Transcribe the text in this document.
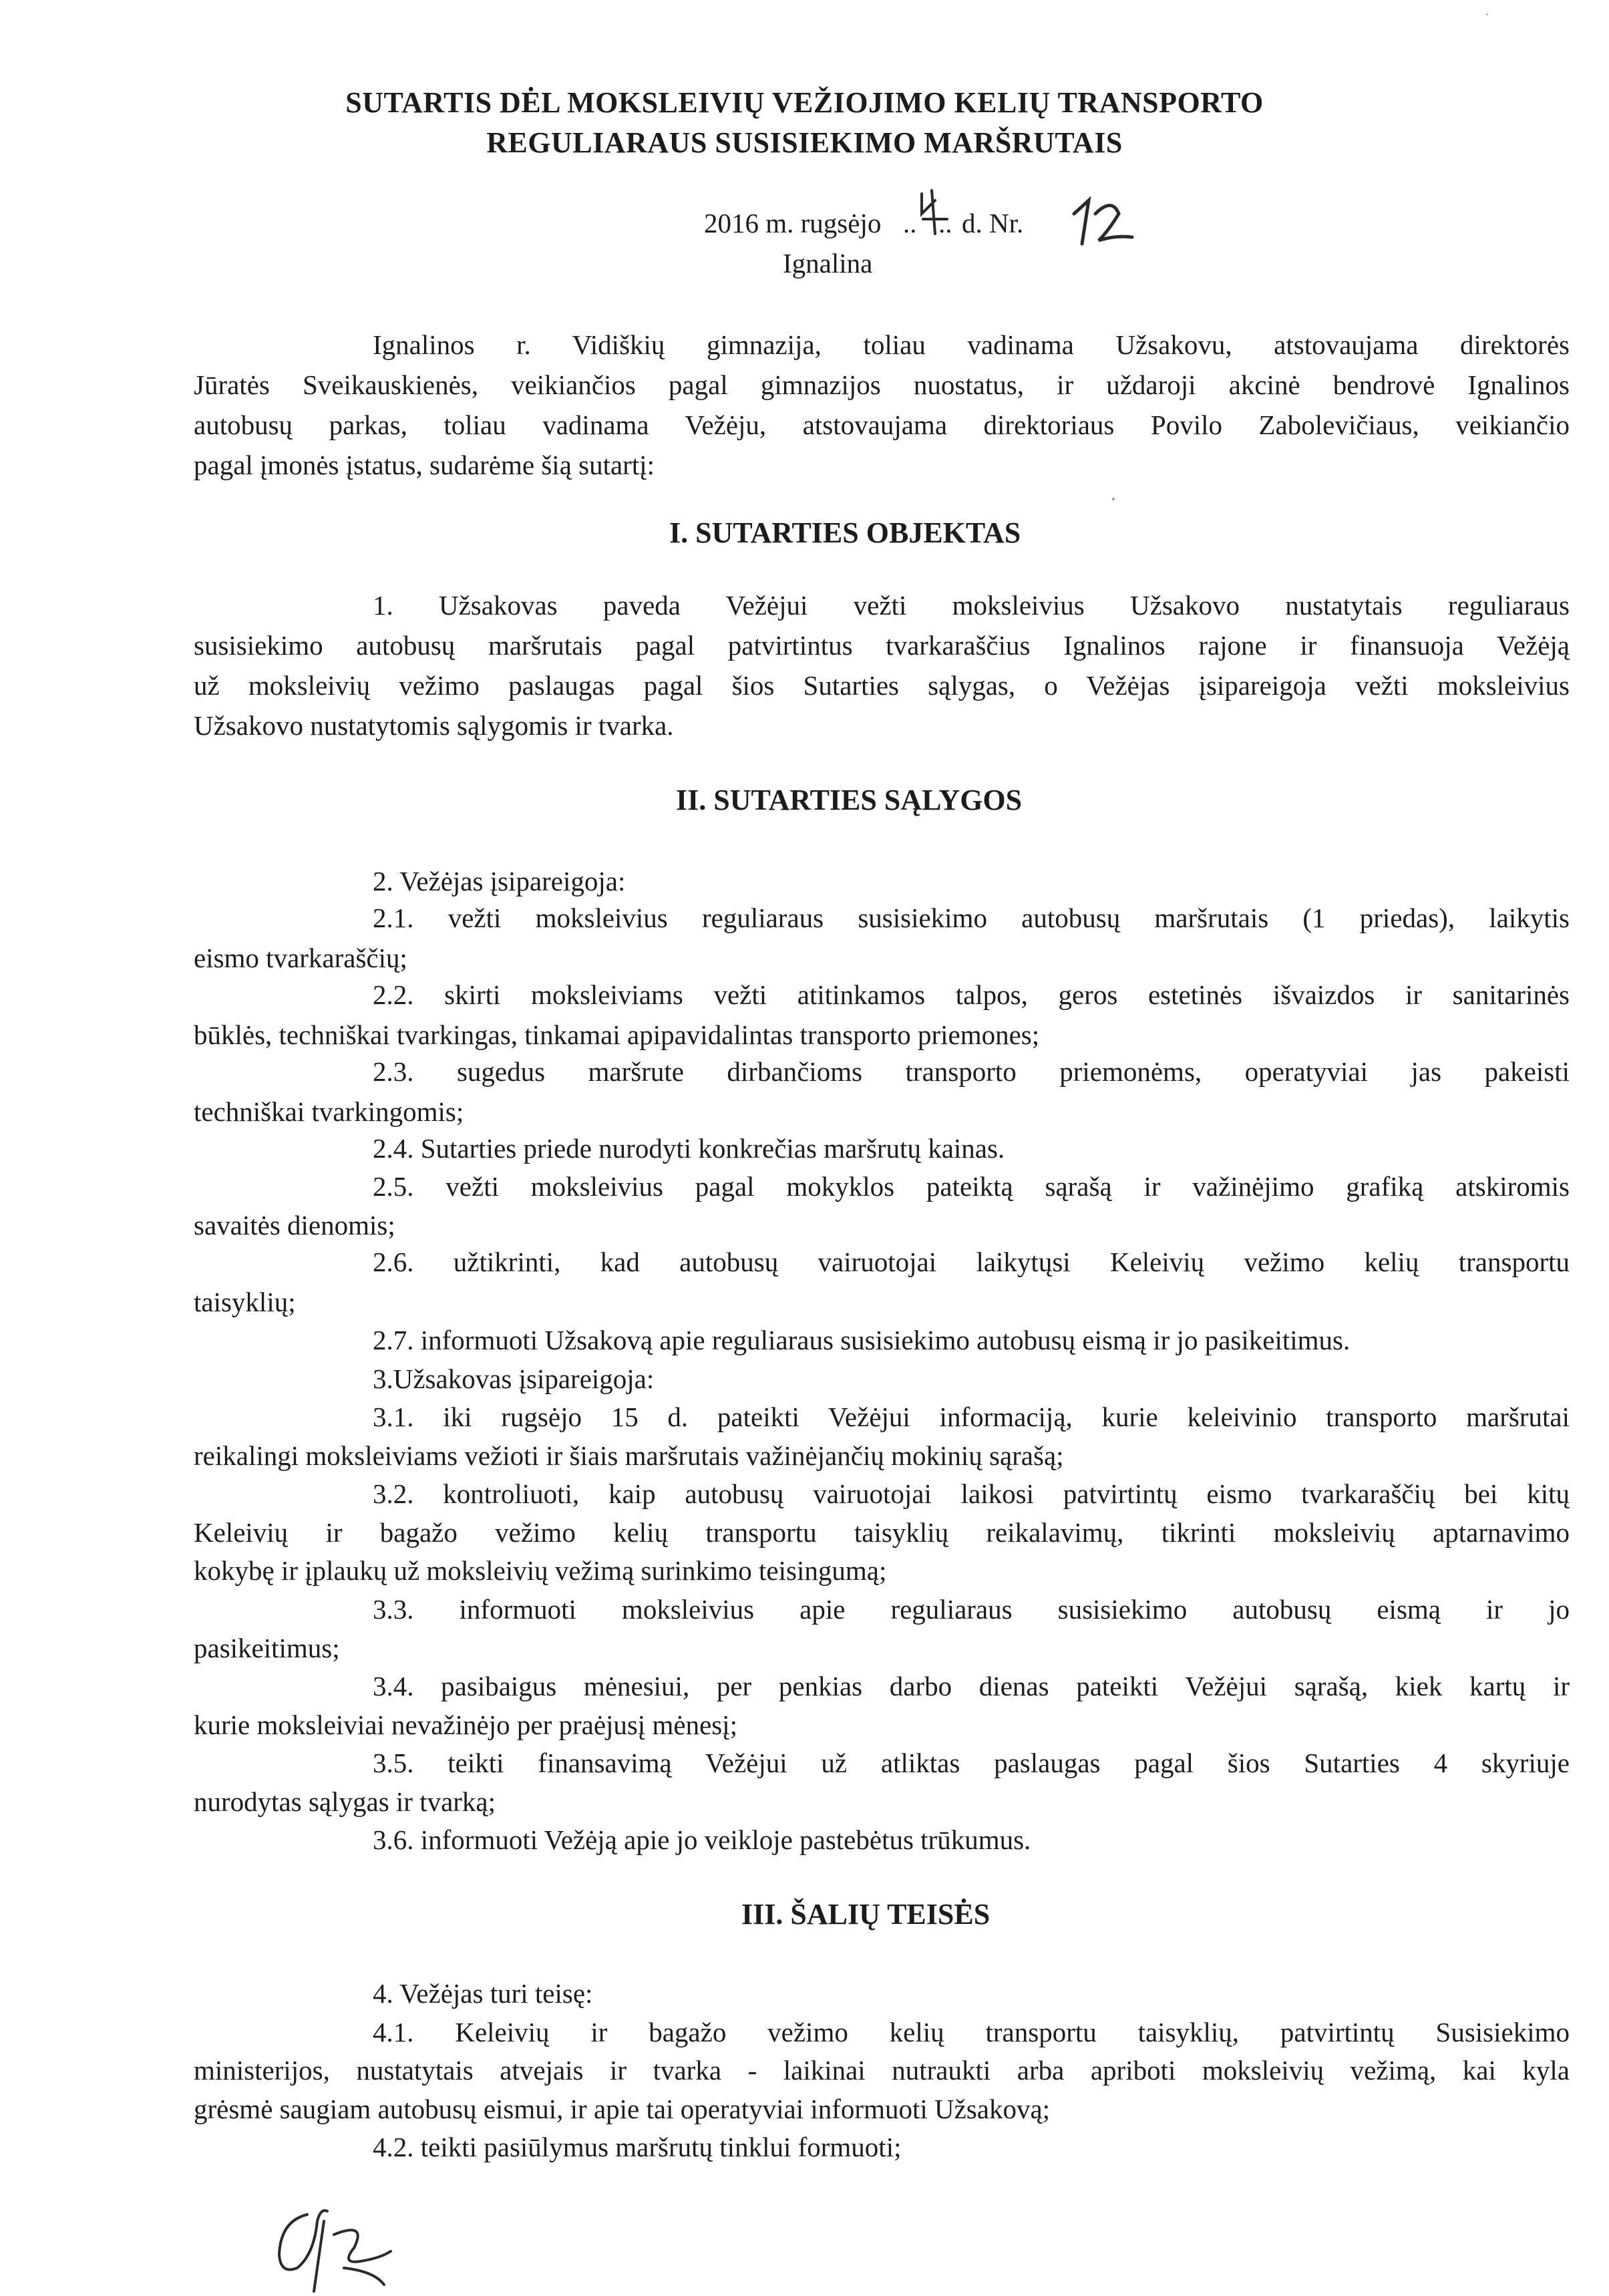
SUTARTIS DĖL MOKSLEIVIŲ VEŽIOJIMO KELIŲ TRANSPORTO

REGULIARAUS SUSISIEKIMO MARŠRUTAIS

2016 m. rugsėjo .. .. d. Nr.

Ignalina

Ignalinos r. Vidiškių gimnazija, toliau vadinama Užsakovu, atstovaujama direktorės

Jūratės Sveikauskienės, veikiančios pagal gimnazijos nuostatus, ir uždaroji akcinė bendrovė Ignalinos

autobusų parkas, toliau vadinama Vežėju, atstovaujama direktoriaus Povilo Zabolevičiaus, veikiančio

pagal įmonės įstatus, sudarėme šią sutartį:

I. SUTARTIES OBJEKTAS

1. Užsakovas paveda Vežėjui vežti moksleivius Užsakovo nustatytais reguliaraus

susisiekimo autobusų maršrutais pagal patvirtintus tvarkaraščius Ignalinos rajone ir finansuoja Vežėją

už moksleivių vežimo paslaugas pagal šios Sutarties sąlygas, o Vežėjas įsipareigoja vežti moksleivius

Užsakovo nustatytomis sąlygomis ir tvarka.

II. SUTARTIES SĄLYGOS

2. Vežėjas įsipareigoja:

2.1. vežti moksleivius reguliaraus susisiekimo autobusų maršrutais (1 priedas), laikytis

eismo tvarkaraščių;

2.2. skirti moksleiviams vežti atitinkamos talpos, geros estetinės išvaizdos ir sanitarinės

būklės, techniškai tvarkingas, tinkamai apipavidalintas transporto priemones;

2.3. sugedus maršrute dirbančioms transporto priemonėms, operatyviai jas pakeisti

techniškai tvarkingomis;

2.4. Sutarties priede nurodyti konkrečias maršrutų kainas.

2.5. vežti moksleivius pagal mokyklos pateiktą sąrašą ir važinėjimo grafiką atskiromis

savaitės dienomis;

2.6. užtikrinti, kad autobusų vairuotojai laikytųsi Keleivių vežimo kelių transportu

taisyklių;

2.7. informuoti Užsakovą apie reguliaraus susisiekimo autobusų eismą ir jo pasikeitimus.

3.Užsakovas įsipareigoja:

3.1. iki rugsėjo 15 d. pateikti Vežėjui informaciją, kurie keleivinio transporto maršrutai

reikalingi moksleiviams vežioti ir šiais maršrutais važinėjančių mokinių sąrašą;

3.2. kontroliuoti, kaip autobusų vairuotojai laikosi patvirtintų eismo tvarkaraščių bei kitų

Keleivių ir bagažo vežimo kelių transportu taisyklių reikalavimų, tikrinti moksleivių aptarnavimo

kokybę ir įplaukų už moksleivių vežimą surinkimo teisingumą;

3.3. informuoti moksleivius apie reguliaraus susisiekimo autobusų eismą ir jo

pasikeitimus;

3.4. pasibaigus mėnesiui, per penkias darbo dienas pateikti Vežėjui sąrašą, kiek kartų ir

kurie moksleiviai nevažinėjo per praėjusį mėnesį;

3.5. teikti finansavimą Vežėjui už atliktas paslaugas pagal šios Sutarties 4 skyriuje

nurodytas sąlygas ir tvarką;

3.6. informuoti Vežėją apie jo veikloje pastebėtus trūkumus.

III. ŠALIŲ TEISĖS

4. Vežėjas turi teisę:

4.1. Keleivių ir bagažo vežimo kelių transportu taisyklių, patvirtintų Susisiekimo

ministerijos, nustatytais atvejais ir tvarka - laikinai nutraukti arba apriboti moksleivių vežimą, kai kyla

grėsmė saugiam autobusų eismui, ir apie tai operatyviai informuoti Užsakovą;

4.2. teikti pasiūlymus maršrutų tinklui formuoti;
